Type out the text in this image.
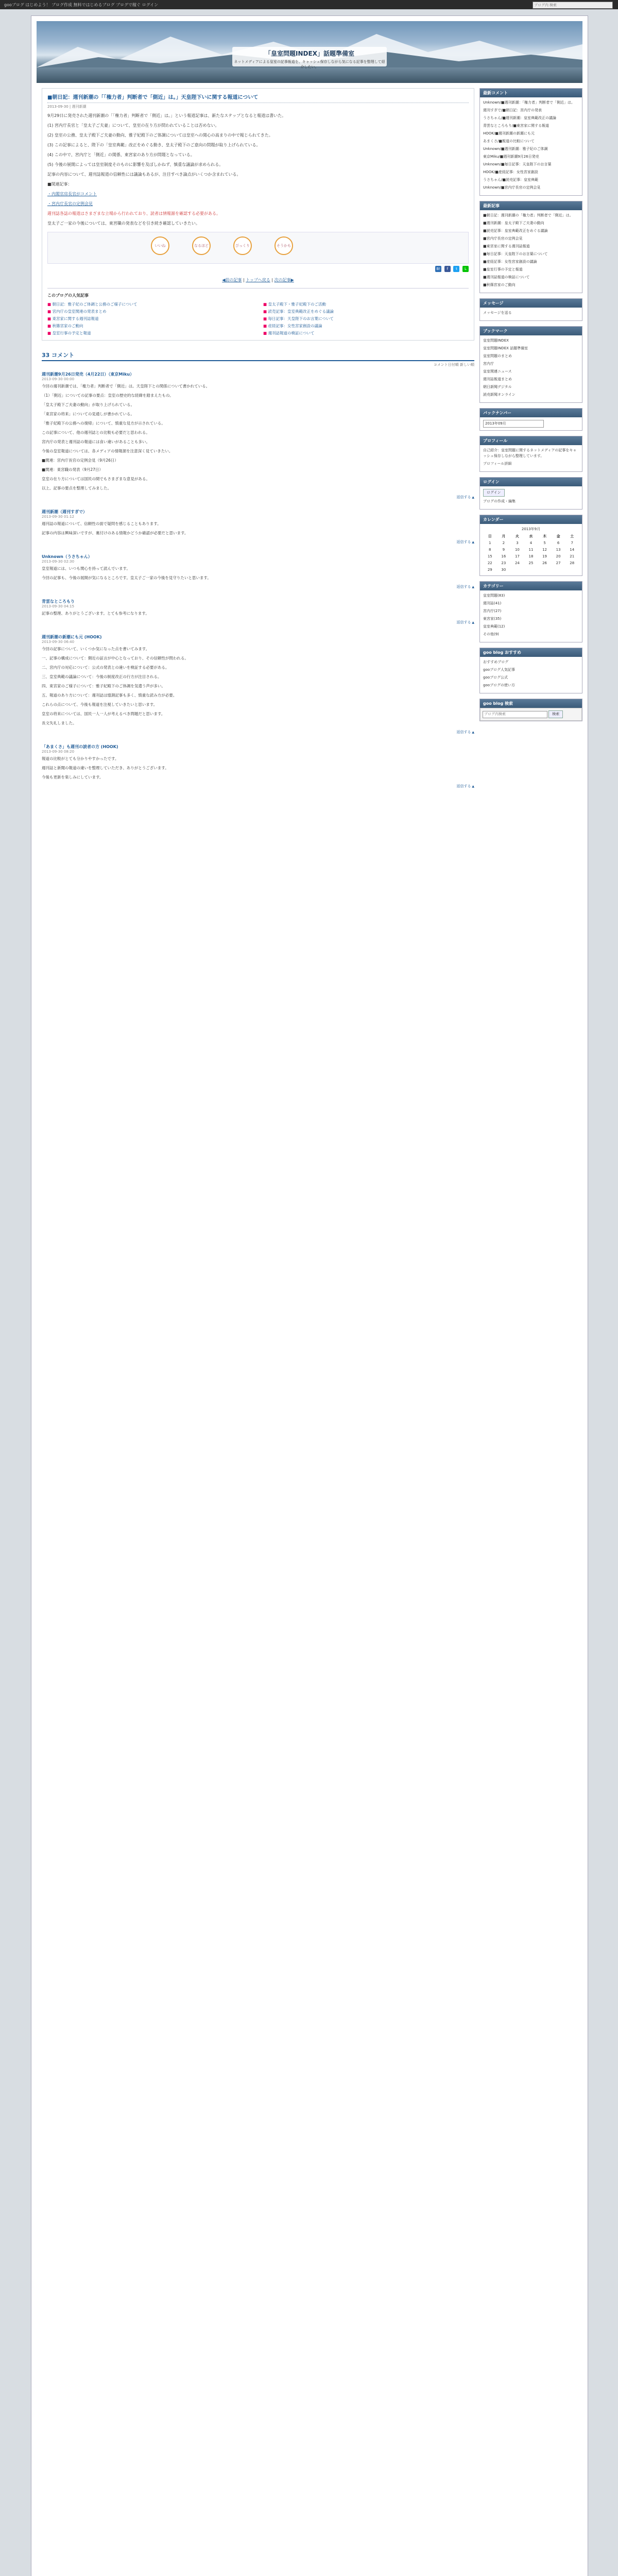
gooブログ はじめよう！ ブログ作成 無料ではじめるブログ ブログで稼ぐ ログイン
ブログ内 検索
「皇室問題INDEX」話題準備室
ネットメディアによる皇室の記事報道を、キャッシュ保存しながら気になる記事を整理して紹介したい。
■朝日記：週刊新潮の「「権力者」判断者で「側近」は。」天皇陛下いに関する報道について
2013-09-30 | 週刊新潮
9月29日に発売された週刊新潮の「「権力者」判断者で「側近」は。」という報道記事は、新たなステップとなると報道は書いた。
(1) 宮内庁長官と「皇太子ご夫妻」について、皇室の在り方が問われていることは否めない。
(2) 皇室の公務、皇太子殿下ご夫妻の動向、雅子妃殿下のご体調については皇室への関心の高まりの中で報じられてきた。
(3) この記事によると、陛下の「皇室典範」改正をめぐる動き、皇太子殿下のご意向の問題が取り上げられている。
(4) この中で、宮内庁と「側近」の関係、東宮家のあり方が問題となっている。
(5) 今後の展開によっては皇室制度そのものに影響を及ぼしかねず、慎重な議論が求められる。
記事の内容について、週刊誌報道の信頼性には議論もあるが、注目すべき論点がいくつか含まれている。
■関連記事：
・内閣官房長官がコメント
・宮内庁長官の定例会見
週刊誌各誌の報道はさまざまな立場から行われており、読者は情報源を確認する必要がある。
皇太子ご一家の今後については、東宮職の発表などを引き続き確認していきたい。
いいね	なるほど	びっくり	そうかも
B! f t L
◀前の記事 | トップへ戻る | 次の記事▶
このブログの人気記事
■ 朝日記：雅子妃のご体調と公務のご様子について	■ 皇太子殿下・雅子妃殿下のご活動
■ 宮内庁の皇室関連の発表まとめ	■ 読売記事：皇室典範改正をめぐる議論
■ 東宮家に関する週刊誌報道	■ 毎日記事：天皇陛下のお言葉について
■ 秋篠宮家のご動向	■ 産経記事：女性宮家創設の議論
■ 皇室行事の予定と報道	■ 週刊誌報道の検証について
33 コメント
コメント日付順 新しい順
週刊新潮9月26日発売（4月22日）（東京Miku）
2013-09-30 00:00

今回の週刊新潮では、「権力者」判断者で「側近」は。天皇陛下との関係について書かれている。

（1）「側近」についての記事の要点：皇室の歴史的な経緯を踏まえたもの。

「皇太子殿下ご夫妻の動向」が取り上げられている。

「東宮家の将来」についての見通しが書かれている。

「雅子妃殿下の公務への復帰」について、慎重な見方が示されている。

この記事について、他の週刊誌との比較も必要だと思われる。

宮内庁の発表と週刊誌の報道には食い違いがあることも多い。

今後の皇室報道については、各メディアの情報源を注意深く見ていきたい。

■関連：宮内庁長官の定例会見（9月26日）

■関連：東宮職の発表（9月27日）

皇室の在り方については国民の間でもさまざまな意見がある。

以上、記事の要点を整理してみました。

返信する ▲
週刊新潮（週刊すぎで）
2013-09-30 01:12

週刊誌の報道について、信頼性の面で疑問を感じることもあります。

記事の内容は興味深いですが、裏付けのある情報かどうか確認が必要だと思います。

返信する ▲
Unknown（うさちゃん）
2013-09-30 02:30

皇室報道には、いつも関心を持って読んでいます。

今回の記事も、今後の展開が気になるところです。皇太子ご一家の今後を見守りたいと思います。

返信する ▲
青雲なところもり
2013-09-30 04:15

記事の整理、ありがとうございます。とても参考になります。

返信する ▲
週刊新潮の新潮にも元 (HOOK)
2013-09-30 06:40

今回の記事について、いくつか気になった点を書いてみます。

一、記事の構成について：側近の証言が中心となっており、その信頼性が問われる。

二、宮内庁の対応について：公式の発表との違いを検証する必要がある。

三、皇室典範の議論について：今後の制度改正の行方が注目される。

四、東宮家のご様子について：雅子妃殿下のご体調を気遣う声が多い。

五、報道のあり方について：週刊誌は憶測記事も多く、慎重な読み方が必要。

これらの点について、今後も報道を注視していきたいと思います。

皇室の将来については、国民一人一人が考えるべき問題だと思います。

長文失礼しました。

返信する ▲
「あまくさ」も週刊の読者の方 (HOOK)
2013-09-30 08:20

報道の比較がとても分かりやすかったです。

週刊誌と新聞の報道の違いを整理していただき、ありがとうございます。

今後も更新を楽しみにしています。

返信する ▲
最新コメント
Unknown/■週刊新潮：「権力者」判断者で「側近」は。
週刊すぎで/■朝日記：宮内庁の発表
うさちゃん/■週刊新潮：皇室典範改正の議論
青雲なところもり/■東宮家に関する報道
HOOK/■週刊新潮の新潮にも元
あまくさ/■報道の比較について
Unknown/■週刊新潮：雅子妃のご体調
東京Miku/■週刊新潮9月26日発売
Unknown/■毎日記事：天皇陛下のお言葉
HOOK/■産経記事：女性宮家創設
うさちゃん/■読売記事：皇室典範
Unknown/■宮内庁長官の定例会見
最新記事
■朝日記：週刊新潮の「権力者」判断者で「側近」は。
■週刊新潮：皇太子殿下ご夫妻の動向
■読売記事：皇室典範改正をめぐる議論
■宮内庁長官の定例会見
■東宮家に関する週刊誌報道
■毎日記事：天皇陛下のお言葉について
■産経記事：女性宮家創設の議論
■皇室行事の予定と報道
■週刊誌報道の検証について
■秋篠宮家のご動向
メッセージ
メッセージを送る
ブックマーク
皇室問題INDEX
皇室問題INDEX 話題準備室
皇室問題のまとめ
宮内庁
皇室関連ニュース
週刊誌報道まとめ
朝日新聞デジタル
読売新聞オンライン
バックナンバー
2013年09月
プロフィール
自己紹介：皇室問題に関するネットメディアの記事をキャッシュ保存しながら整理しています。
プロフィール詳細
ログイン
ログイン
ブログの作成・編集
カレンダー
2013年9月
日	月	火	水	木	金	土
1	2	3	4	5	6	7
8	9	10	11	12	13	14
15	16	17	18	19	20	21
22	23	24	25	26	27	28
29	30
カテゴリー
皇室問題(83)
週刊誌(41)
宮内庁(27)
東宮家(35)
皇室典範(12)
その他(9)
goo blog おすすめ
おすすめブログ
gooブログ人気記事
gooブログ公式
gooブログの使い方
goo blog 検索
ブログ内検索 検索
